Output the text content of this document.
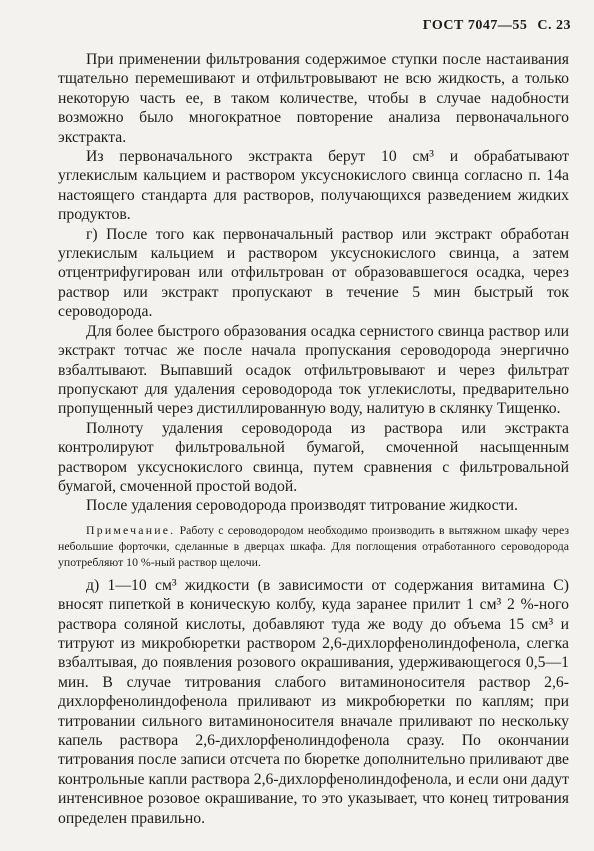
ГОСТ 7047—55 С. 23

При применении фильтрования содержимое ступки после настаивания тщательно перемешивают и отфильтровывают не всю жидкость, а только некоторую часть ее, в таком количестве, чтобы в случае надобности возможно было многократное повторение анализа первоначального экстракта.

Из первоначального экстракта берут 10 см³ и обрабатывают углекислым кальцием и раствором уксуснокислого свинца согласно п. 14а настоящего стандарта для растворов, получающихся разведением жидких продуктов.

г) После того как первоначальный раствор или экстракт обработан углекислым кальцием и раствором уксуснокислого свинца, а затем отцентрифугирован или отфильтрован от образовавшегося осадка, через раствор или экстракт пропускают в течение 5 мин быстрый ток сероводорода.

Для более быстрого образования осадка сернистого свинца раствор или экстракт тотчас же после начала пропускания сероводорода энергично взбалтывают. Выпавший осадок отфильтровывают и через фильтрат пропускают для удаления сероводорода ток углекислоты, предварительно пропущенный через дистиллированную воду, налитую в склянку Тищенко.

Полноту удаления сероводорода из раствора или экстракта контролируют фильтровальной бумагой, смоченной насыщенным раствором уксуснокислого свинца, путем сравнения с фильтровальной бумагой, смоченной простой водой.

После удаления сероводорода производят титрование жидкости.

Примечание. Работу с сероводородом необходимо производить в вытяжном шкафу через небольшие форточки, сделанные в дверцах шкафа. Для поглощения отработанного сероводорода употребляют 10 %-ный раствор щелочи.

д) 1—10 см³ жидкости (в зависимости от содержания витамина С) вносят пипеткой в коническую колбу, куда заранее прилит 1 см³ 2 %-ного раствора соляной кислоты, добавляют туда же воду до объема 15 см³ и титруют из микробюретки раствором 2,6-дихлорфенолиндофенола, слегка взбалтывая, до появления розового окрашивания, удерживающегося 0,5—1 мин. В случае титрования слабого витаминоносителя раствор 2,6-дихлорфенолиндофенола приливают из микробюретки по каплям; при титровании сильного витаминоносителя вначале приливают по нескольку капель раствора 2,6-дихлорфенолиндофенола сразу. По окончании титрования после записи отсчета по бюретке дополнительно приливают две контрольные капли раствора 2,6-дихлорфенолиндофенола, и если они дадут интенсивное розовое окрашивание, то это указывает, что конец титрования определен правильно.
